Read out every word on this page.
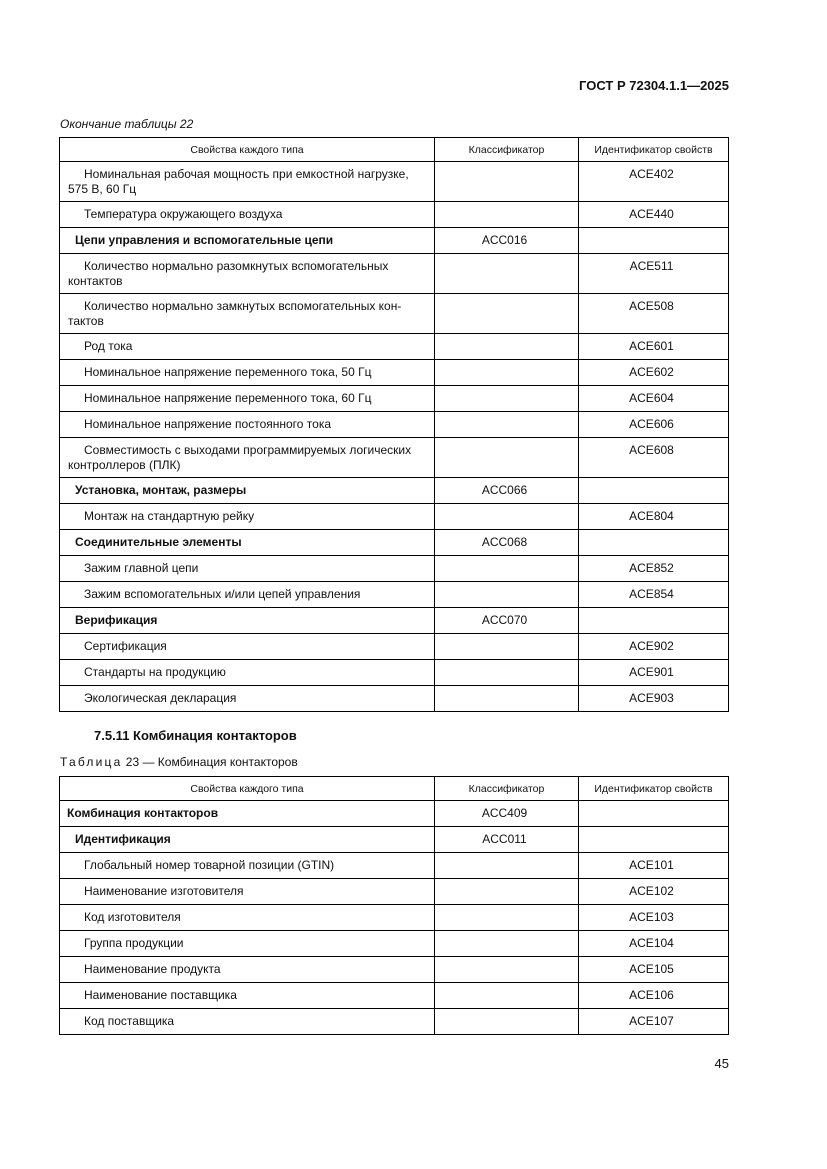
ГОСТ Р 72304.1.1—2025
Окончание таблицы 22
Свойства каждого типа	Классификатор	Идентификатор свойств

Номинальная рабочая мощность при емкостной нагрузке, 575 В, 60 Гц		ACE402
Температура окружающего воздуха		ACE440
Цепи управления и вспомогательные цепи	ACC016	

Количество нормально разомкнутых вспомогательных контактов		ACE511

Количество нормально замкнутых вспомогательных кон-тактов		ACE508
Род тока		ACE601
Номинальное напряжение переменного тока, 50 Гц		ACE602
Номинальное напряжение переменного тока, 60 Гц		ACE604
Номинальное напряжение постоянного тока		ACE606

Совместимость с выходами программируемых логических контроллеров (ПЛК)		ACE608
Установка, монтаж, размеры	ACC066	
Монтаж на стандартную рейку		ACE804
Соединительные элементы	ACC068	
Зажим главной цепи		ACE852
Зажим вспомогательных и/или цепей управления		ACE854
Верификация	ACC070	
Сертификация		ACE902
Стандарты на продукцию		ACE901
Экологическая декларация		ACE903
7.5.11 Комбинация контакторов
Таблица 23 — Комбинация контакторов
Свойства каждого типа	Классификатор	Идентификатор свойств
Комбинация контакторов	ACC409	
Идентификация	ACC011	
Глобальный номер товарной позиции (GTIN)		ACE101
Наименование изготовителя		ACE102
Код изготовителя		ACE103
Группа продукции		ACE104
Наименование продукта		ACE105
Наименование поставщика		ACE106
Код поставщика		ACE107
45
